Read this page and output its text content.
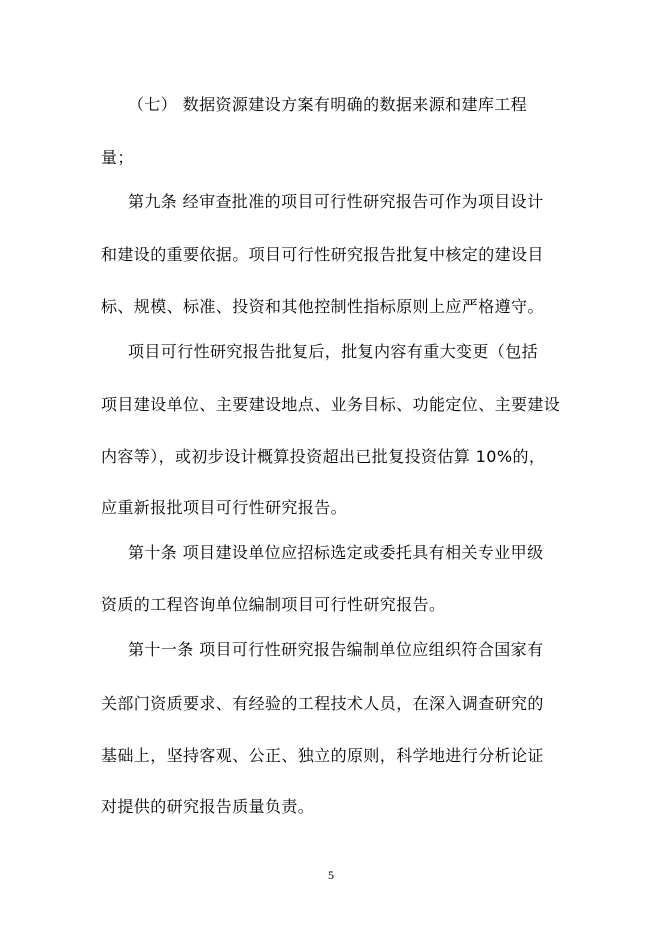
（七） 数据资源建设方案有明确的数据来源和建库工程
量；
第九条 经审查批准的项目可行性研究报告可作为项目设计
和建设的重要依据。项目可行性研究报告批复中核定的建设目
标、规模、标准、投资和其他控制性指标原则上应严格遵守。
项目可行性研究报告批复后，批复内容有重大变更（包括
项目建设单位、主要建设地点、业务目标、功能定位、主要建设
内容等），或初步设计概算投资超出已批复投资估算 10%的，
应重新报批项目可行性研究报告。
第十条 项目建设单位应招标选定或委托具有相关专业甲级
资质的工程咨询单位编制项目可行性研究报告。
第十一条 项目可行性研究报告编制单位应组织符合国家有
关部门资质要求、有经验的工程技术人员，在深入调查研究的
基础上，坚持客观、公正、独立的原则，科学地进行分析论证
对提供的研究报告质量负责。
5
